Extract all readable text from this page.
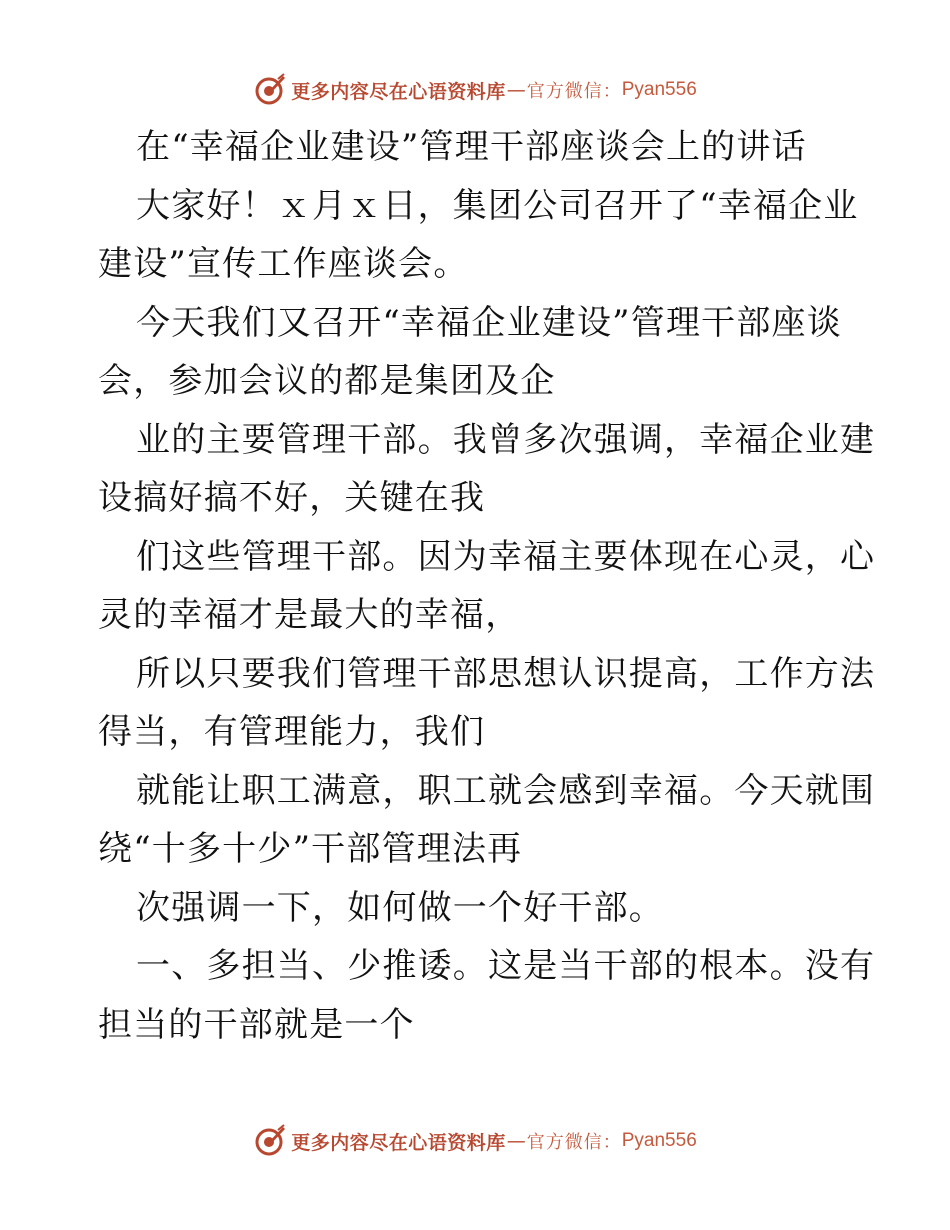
更多内容尽在心语资料库 — 官方微信： Pyan556
在“幸福企业建设”管理干部座谈会上的讲话
大家好！ｘ月ｘ日，集团公司召开了“幸福企业
建设”宣传工作座谈会。
今天我们又召开“幸福企业建设”管理干部座谈
会，参加会议的都是集团及企
业的主要管理干部。我曾多次强调，幸福企业建
设搞好搞不好，关键在我
们这些管理干部。因为幸福主要体现在心灵，心
灵的幸福才是最大的幸福，
所以只要我们管理干部思想认识提高，工作方法
得当，有管理能力，我们
就能让职工满意，职工就会感到幸福。今天就围
绕“十多十少”干部管理法再
次强调一下，如何做一个好干部。
一、多担当、少推诿。这是当干部的根本。没有
担当的干部就是一个
更多内容尽在心语资料库 — 官方微信： Pyan556
